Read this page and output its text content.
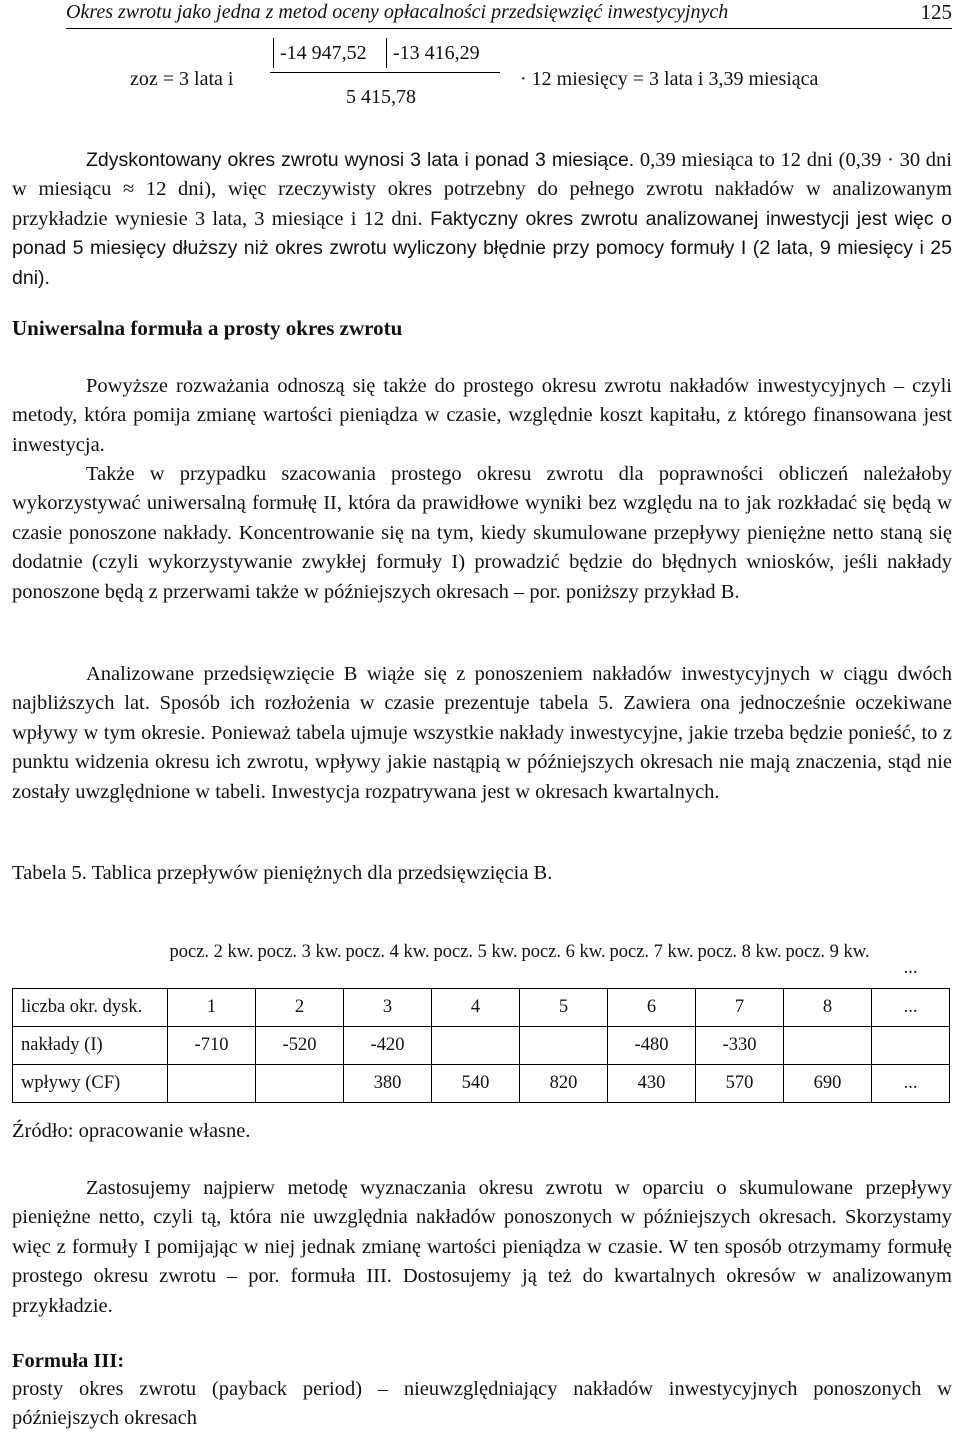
Okres zwrotu jako jedna z metod oceny opłacalności przedsięwzięć inwestycyjnych	125
zoz = 3 lata i
-14 947,52 -13 416,29
5 415,78
· 12 miesięcy = 3 lata i 3,39 miesiąca

Zdyskontowany okres zwrotu wynosi 3 lata i ponad 3 miesiące. 0,39 miesiąca to 12 dni (0,39 · 30 dni w miesiącu ≈ 12 dni), więc rzeczywisty okres potrzebny do pełnego zwrotu nakładów w analizowanym przykładzie wyniesie 3 lata, 3 miesiące i 12 dni. Faktyczny okres zwrotu analizowanej inwestycji jest więc o ponad 5 miesięcy dłuższy niż okres zwrotu wyliczony błędnie przy pomocy formuły I (2 lata, 9 miesięcy i 25 dni).

Uniwersalna formuła a prosty okres zwrotu

Powyższe rozważania odnoszą się także do prostego okresu zwrotu nakładów inwestycyjnych – czyli metody, która pomija zmianę wartości pieniądza w czasie, względnie koszt kapitału, z którego finansowana jest inwestycja.

Także w przypadku szacowania prostego okresu zwrotu dla poprawności obliczeń należałoby wykorzystywać uniwersalną formułę II, która da prawidłowe wyniki bez względu na to jak rozkładać się będą w czasie ponoszone nakłady. Koncentrowanie się na tym, kiedy skumulowane przepływy pieniężne netto staną się dodatnie (czyli wykorzystywanie zwykłej formuły I) prowadzić będzie do błędnych wniosków, jeśli nakłady ponoszone będą z przerwami także w późniejszych okresach – por. poniższy przykład B.

Analizowane przedsięwzięcie B wiąże się z ponoszeniem nakładów inwestycyjnych w ciągu dwóch najbliższych lat. Sposób ich rozłożenia w czasie prezentuje tabela 5. Zawiera ona jednocześnie oczekiwane wpływy w tym okresie. Ponieważ tabela ujmuje wszystkie nakłady inwestycyjne, jakie trzeba będzie ponieść, to z punktu widzenia okresu ich zwrotu, wpływy jakie nastąpią w późniejszych okresach nie mają znaczenia, stąd nie zostały uwzględnione w tabeli. Inwestycja rozpatrywana jest w okresach kwartalnych.

Tabela 5. Tablica przepływów pieniężnych dla przedsięwzięcia B.
	pocz. 2 kw.	pocz. 3 kw.	pocz. 4 kw.	pocz. 5 kw.	pocz. 6 kw.	pocz. 7 kw.	pocz. 8 kw.	pocz. 9 kw.	...
liczba okr. dysk.	1	2	3	4	5	6	7	8	...
nakłady (I)	-710	-520	-420			-480	-330		
wpływy (CF)			380	540	820	430	570	690	...
Źródło: opracowanie własne.

Zastosujemy najpierw metodę wyznaczania okresu zwrotu w oparciu o skumulowane przepływy pieniężne netto, czyli tą, która nie uwzględnia nakładów ponoszonych w późniejszych okresach. Skorzystamy więc z formuły I pomijając w niej jednak zmianę wartości pieniądza w czasie. W ten sposób otrzymamy formułę prostego okresu zwrotu – por. formuła III. Dostosujemy ją też do kwartalnych okresów w analizowanym przykładzie.

Formuła III:

prosty okres zwrotu (payback period) – nieuwzględniający nakładów inwestycyjnych ponoszonych w późniejszych okresach
